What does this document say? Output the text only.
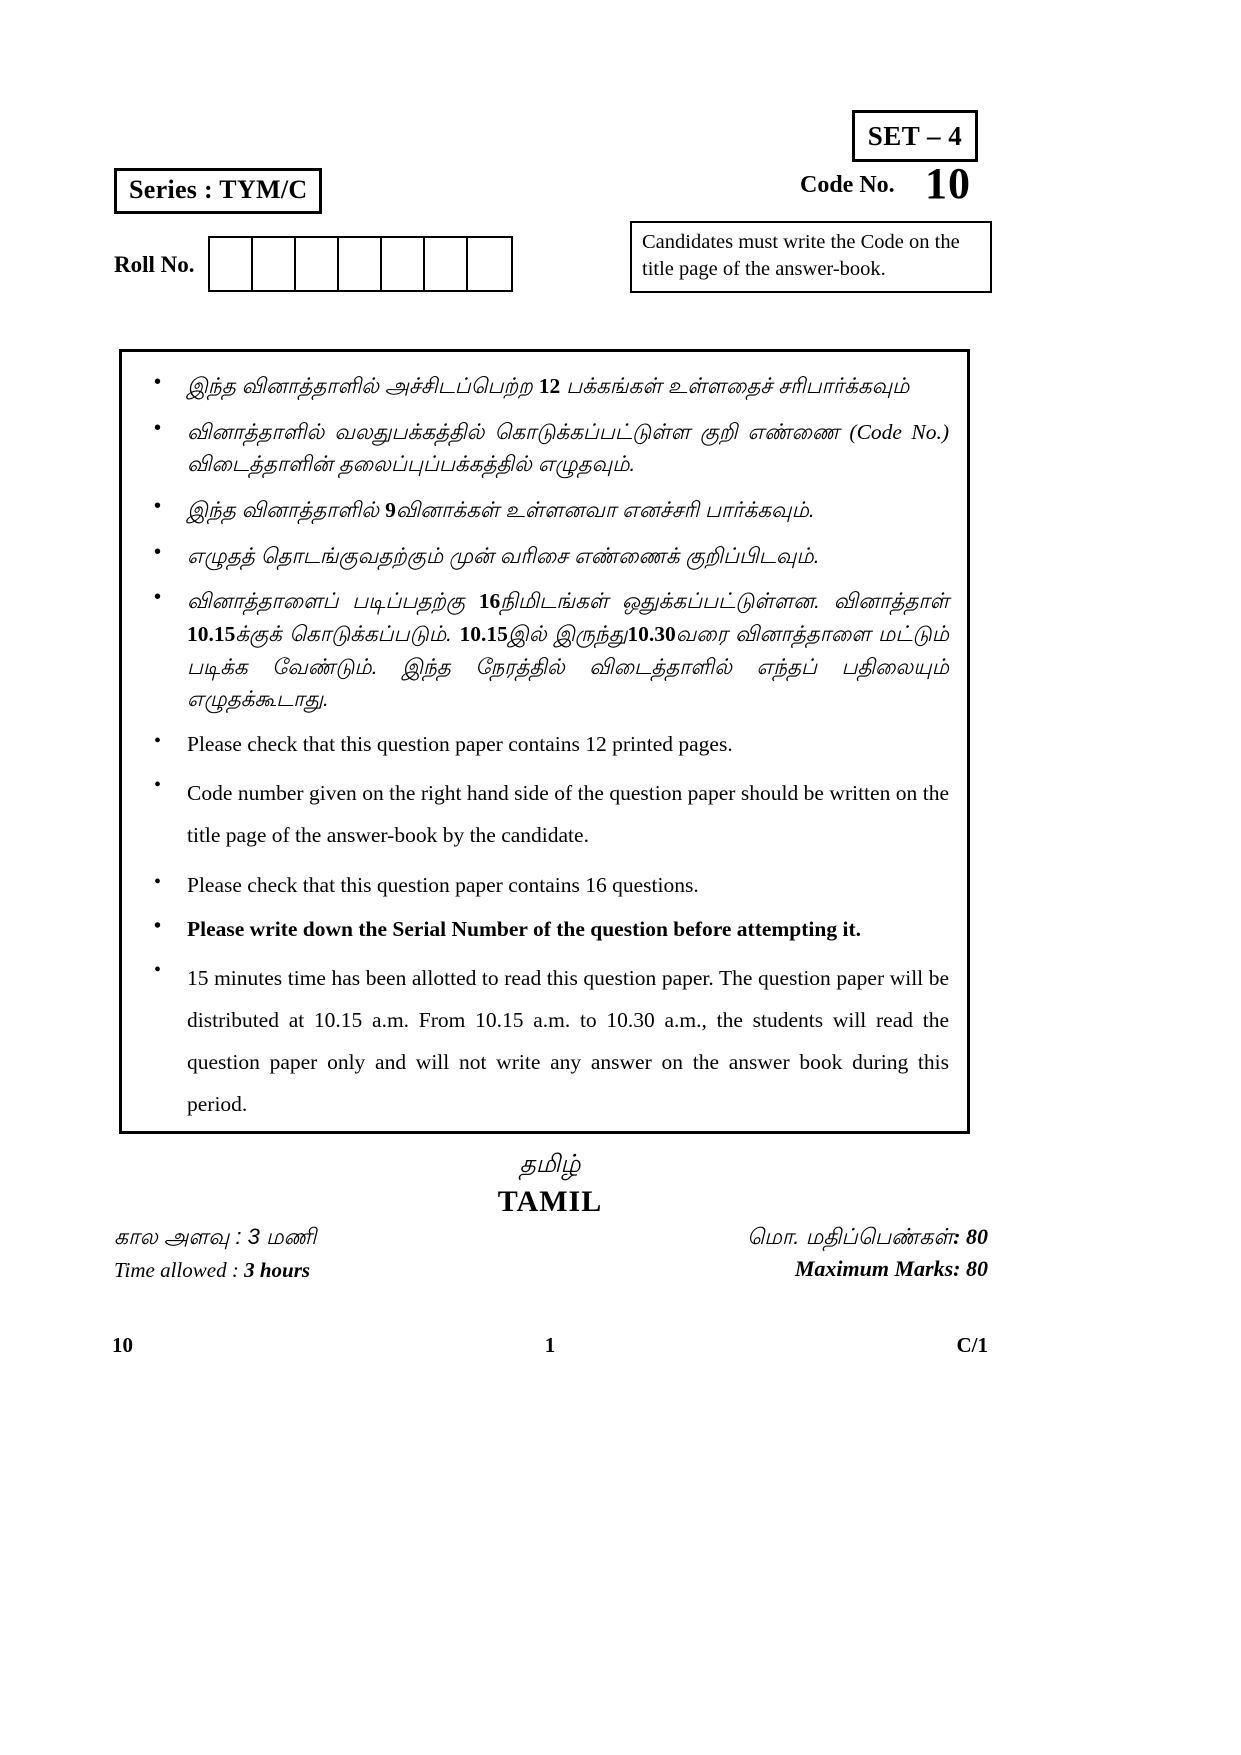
SET – 4
Series : TYM/C	Code No. 10
Candidates must write the Code on the title page of the answer-book.
Roll No.
• இந்த வினாத்தாளில் அச்சிடப்பெற்ற 12 பக்கங்கள் உள்ளதைச் சரிபார்க்கவும்
• வினாத்தாளில் வலதுபக்கத்தில் கொடுக்கப்பட்டுள்ள குறி எண்ணை (Code No.) விடைத்தாளின் தலைப்புப்பக்கத்தில் எழுதவும்.
• இந்த வினாத்தாளில் 9வினாக்கள் உள்ளனவா எனச்சரி பார்க்கவும்.
• எழுதத் தொடங்குவதற்கும் முன் வரிசை எண்ணைக் குறிப்பிடவும்.
• வினாத்தாளைப் படிப்பதற்கு 16நிமிடங்கள் ஒதுக்கப்பட்டுள்ளன. வினாத்தாள் 10.15க்குக் கொடுக்கப்படும். 10.15இல் இருந்து10.30வரை வினாத்தாளை மட்டும் படிக்க வேண்டும். இந்த நேரத்தில் விடைத்தாளில் எந்தப் பதிலையும் எழுதக்கூடாது.
• Please check that this question paper contains 12 printed pages.
• Code number given on the right hand side of the question paper should be written on the title page of the answer-book by the candidate.
• Please check that this question paper contains 16 questions.
• Please write down the Serial Number of the question before attempting it.
• 15 minutes time has been allotted to read this question paper. The question paper will be distributed at 10.15 a.m. From 10.15 a.m. to 10.30 a.m., the students will read the question paper only and will not write any answer on the answer book during this period.
தமிழ்
TAMIL
கால அளவு : 3 மணி
Time allowed : 3 hours
மொ. மதிப்பெண்கள்: 80
Maximum Marks: 80
10	1	C/1
